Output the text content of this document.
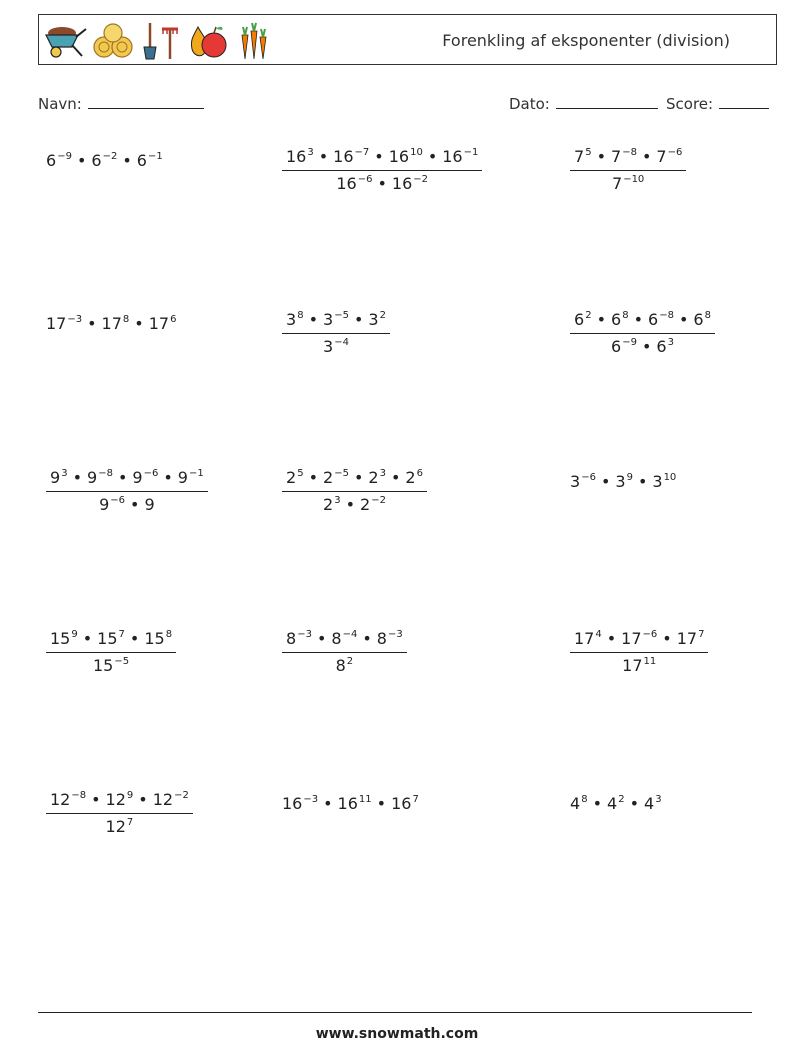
Forenkling af eksponenter (division)
Navn:	Dato:	Score:
$6^{-9}$ • $6^{-2}$ • $6^{-1}$	$\frac{16^3 • 16^{-7} • 16^{10} • 16^{-1}}{16^{-6} • 16^{-2}}$	$\frac{7^5 • 7^{-8} • 7^{-6}}{7^{-10}}$
$17^{-3}$ • $17^8$ • $17^6$	$\frac{3^8 • 3^{-5} • 3^2}{3^{-4}}$	$\frac{6^2 • 6^8 • 6^{-8} • 6^8}{6^{-9} • 6^3}$
$\frac{9^3 • 9^{-8} • 9^{-6} • 9^{-1}}{9^{-6} • 9}$	$\frac{2^5 • 2^{-5} • 2^3 • 2^6}{2^3 • 2^{-2}}$	$3^{-6}$ • $3^9$ • $3^{10}$
$\frac{15^9 • 15^7 • 15^8}{15^{-5}}$	$\frac{8^{-3} • 8^{-4} • 8^{-3}}{8^2}$	$\frac{17^4 • 17^{-6} • 17^7}{17^{11}}$
$\frac{12^{-8} • 12^9 • 12^{-2}}{12^7}$	$16^{-3}$ • $16^{11}$ • $16^7$	$4^8$ • $4^2$ • $4^3$
www.snowmath.com
